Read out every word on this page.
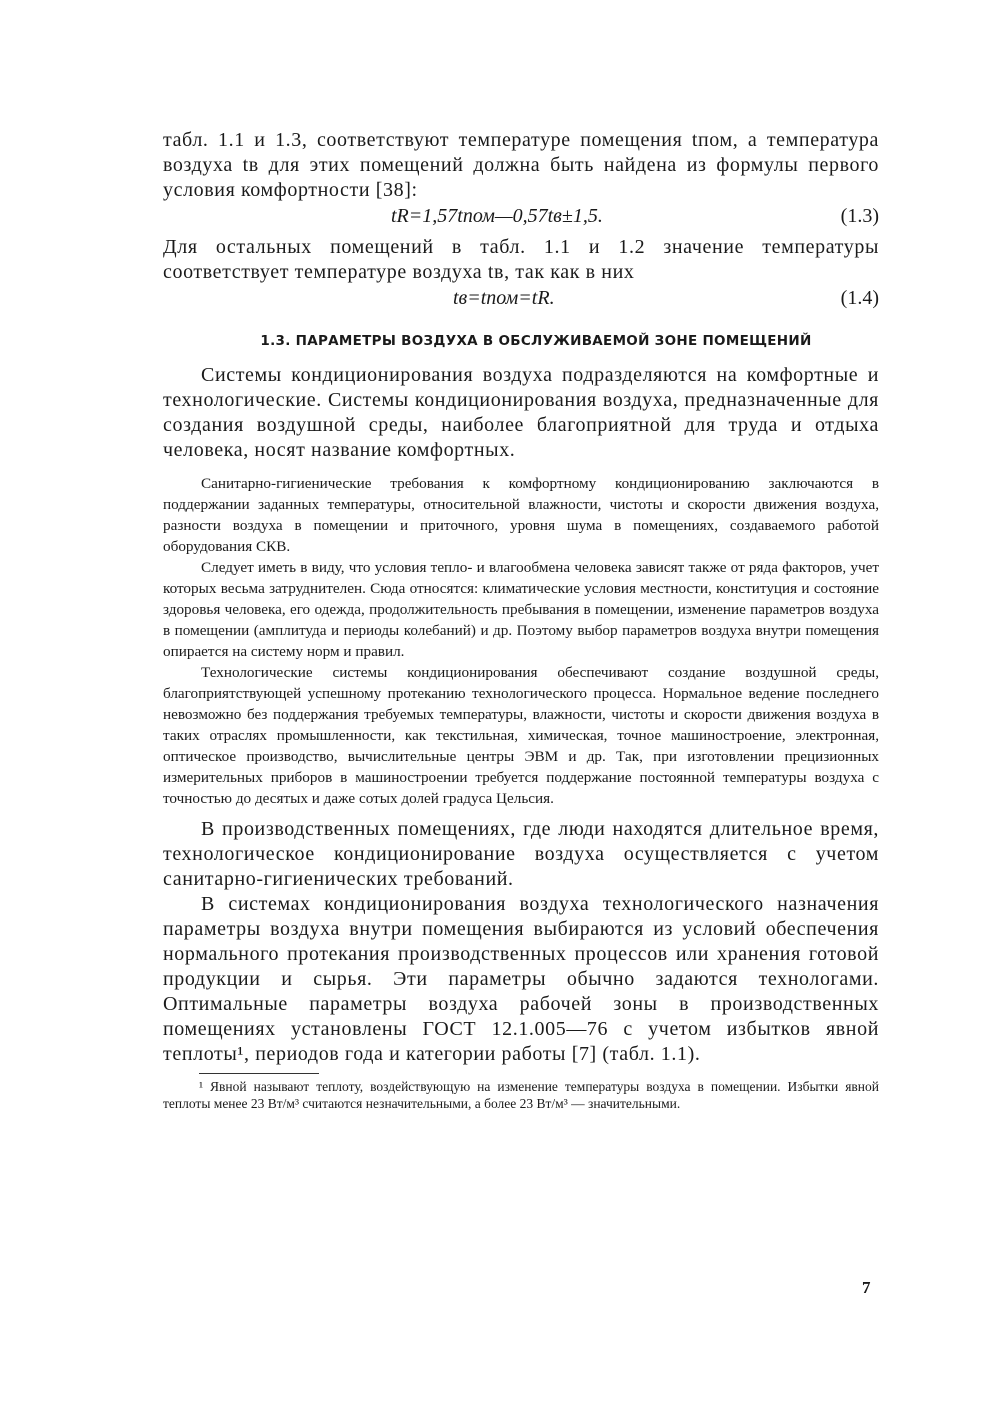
табл. 1.1 и 1.3, соответствуют температуре помещения tпом, а температура воздуха tв для этих помещений должна быть найдена из формулы первого условия комфортности [38]:

tR=1,57tпом—0,57tв±1,5.	(1.3)

Для остальных помещений в табл. 1.1 и 1.2 значение температуры соответствует температуре воздуха tв, так как в них

tв=tпом=tR.	(1.4)
1.3. ПАРАМЕТРЫ ВОЗДУХА В ОБСЛУЖИВАЕМОЙ ЗОНЕ ПОМЕЩЕНИЙ

Системы кондиционирования воздуха подразделяются на комфортные и технологические. Системы кондиционирования воздуха, предназначенные для создания воздушной среды, наиболее благоприятной для труда и отдыха человека, носят название комфортных.

Санитарно-гигиенические требования к комфортному кондиционированию заключаются в поддержании заданных температуры, относительной влажности, чистоты и скорости движения воздуха, разности воздуха в помещении и приточного, уровня шума в помещениях, создаваемого работой оборудования СКВ.

Следует иметь в виду, что условия тепло- и влагообмена человека зависят также от ряда факторов, учет которых весьма затруднителен. Сюда относятся: климатические условия местности, конституция и состояние здоровья человека, его одежда, продолжительность пребывания в помещении, изменение параметров воздуха в помещении (амплитуда и периоды колебаний) и др. Поэтому выбор параметров воздуха внутри помещения опирается на систему норм и правил.

Технологические системы кондиционирования обеспечивают создание воздушной среды, благоприятствующей успешному протеканию технологического процесса. Нормальное ведение последнего невозможно без поддержания требуемых температуры, влажности, чистоты и скорости движения воздуха в таких отраслях промышленности, как текстильная, химическая, точное машиностроение, электронная, оптическое производство, вычислительные центры ЭВМ и др. Так, при изготовлении прецизионных измерительных приборов в машиностроении требуется поддержание постоянной температуры воздуха с точностью до десятых и даже сотых долей градуса Цельсия.

В производственных помещениях, где люди находятся длительное время, технологическое кондиционирование воздуха осуществляется с учетом санитарно-гигиенических требований.

В системах кондиционирования воздуха технологического назначения параметры воздуха внутри помещения выбираются из условий обеспечения нормального протекания производственных процессов или хранения готовой продукции и сырья. Эти параметры обычно задаются технологами. Оптимальные параметры воздуха рабочей зоны в производственных помещениях установлены ГОСТ 12.1.005—76 с учетом избытков явной теплоты¹, периодов года и категории работы [7] (табл. 1.1).

¹ Явной называют теплоту, воздействующую на изменение температуры воздуха в помещении. Избытки явной теплоты менее 23 Вт/м³ считаются незначительными, а более 23 Вт/м³ — значительными.

7
